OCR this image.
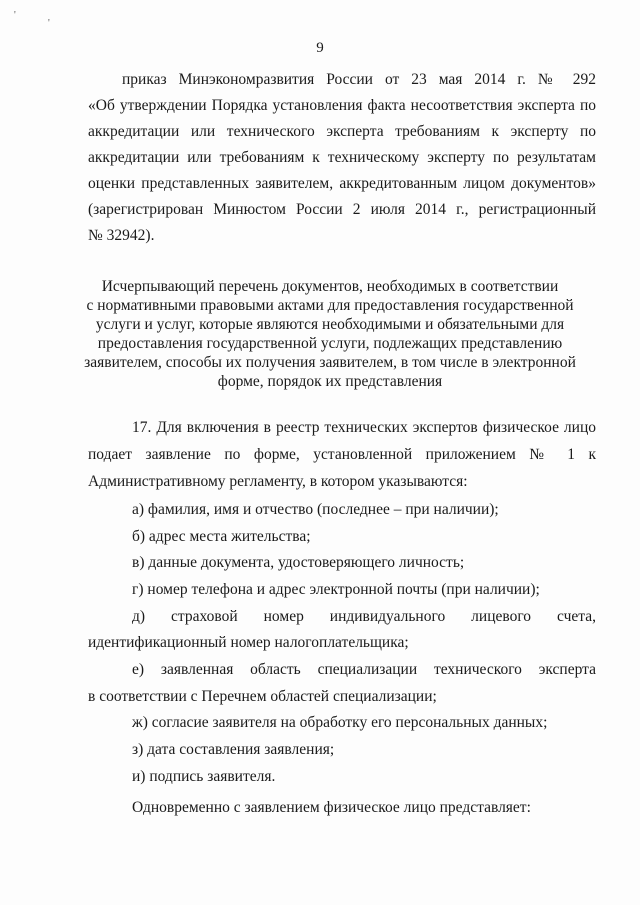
'
'
9
приказ Минэкономразвития России от 23 мая 2014 г. № 292
«Об утверждении Порядка установления факта несоответствия эксперта по
аккредитации или технического эксперта требованиям к эксперту по
аккредитации или требованиям к техническому эксперту по результатам
оценки представленных заявителем, аккредитованным лицом документов»
(зарегистрирован Минюстом России 2 июля 2014 г., регистрационный
№ 32942).
Исчерпывающий перечень документов, необходимых в соответствии
с нормативными правовыми актами для предоставления государственной
услуги и услуг, которые являются необходимыми и обязательными для
предоставления государственной услуги, подлежащих представлению
заявителем, способы их получения заявителем, в том числе в электронной
форме, порядок их представления
17. Для включения в реестр технических экспертов физическое лицо
подает заявление по форме, установленной приложением № 1 к
Административному регламенту, в котором указываются:
а) фамилия, имя и отчество (последнее – при наличии);
б) адрес места жительства;
в) данные документа, удостоверяющего личность;
г) номер телефона и адрес электронной почты (при наличии);
д) страховой номер индивидуального лицевого счета,
идентификационный номер налогоплательщика;
е) заявленная область специализации технического эксперта
в соответствии с Перечнем областей специализации;
ж) согласие заявителя на обработку его персональных данных;
з) дата составления заявления;
и) подпись заявителя.
Одновременно с заявлением физическое лицо представляет:
